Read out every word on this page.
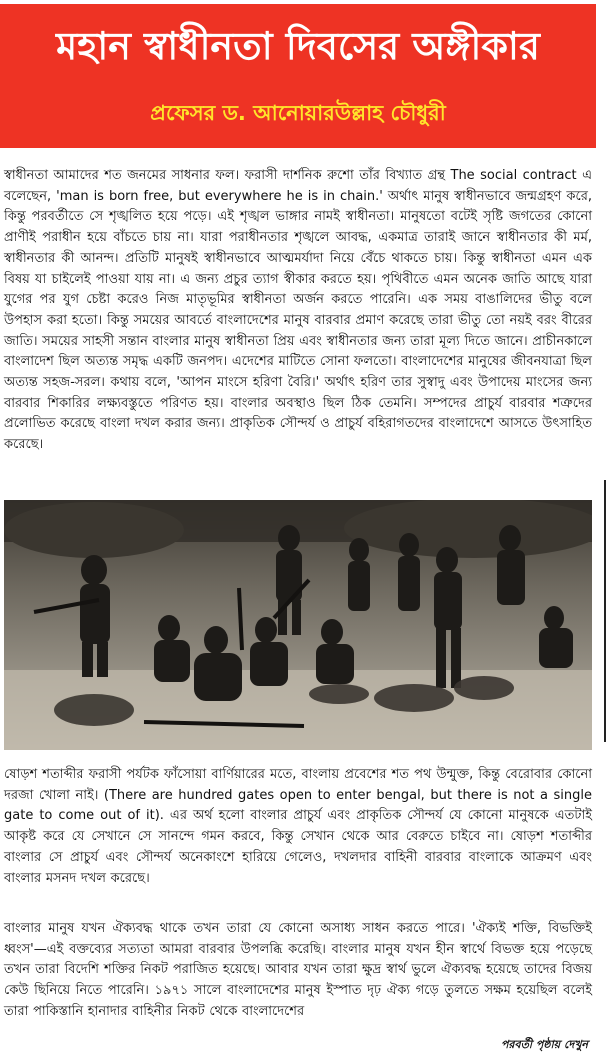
মহান স্বাধীনতা দিবসের অঙ্গীকার
প্রফেসর ড. আনোয়ারউল্লাহ চৌধুরী

স্বাধীনতা আমাদের শত জনমের সাধনার ফল। ফরাসী দার্শনিক রুশো তাঁর বিখ্যাত গ্রন্থ The social contract এ বলেছেন, 'man is born free, but everywhere he is in chain.' অর্থাৎ মানুষ স্বাধীনভাবে জন্মগ্রহণ করে, কিন্তু পরবর্তীতে সে শৃঙ্খলিত হয়ে পড়ে। এই শৃঙ্খল ভাঙ্গার নামই স্বাধীনতা। মানুষতো বটেই সৃষ্টি জগতের কোনো প্রাণীই পরাধীন হয়ে বাঁচতে চায় না। যারা পরাধীনতার শৃঙ্খলে আবদ্ধ, একমাত্র তারাই জানে স্বাধীনতার কী মর্ম, স্বাধীনতার কী আনন্দ। প্রতিটি মানুষই স্বাধীনভাবে আত্মমর্যাদা নিয়ে বেঁচে থাকতে চায়। কিন্তু স্বাধীনতা এমন এক বিষয় যা চাইলেই পাওয়া যায় না। এ জন্য প্রচুর ত্যাগ স্বীকার করতে হয়। পৃথিবীতে এমন অনেক জাতি আছে যারা যুগের পর যুগ চেষ্টা করেও নিজ মাতৃভূমির স্বাধীনতা অর্জন করতে পারেনি। এক সময় বাঙালিদের ভীতু বলে উপহাস করা হতো। কিন্তু সময়ের আবর্তে বাংলাদেশের মানুষ বারবার প্রমাণ করেছে তারা ভীতু তো নয়ই বরং বীরের জাতি। সময়ের সাহসী সন্তান বাংলার মানুষ স্বাধীনতা প্রিয় এবং স্বাধীনতার জন্য তারা মূল্য দিতে জানে। প্রাচীনকালে বাংলাদেশ ছিল অত্যন্ত সমৃদ্ধ একটি জনপদ। এদেশের মাটিতে সোনা ফলতো। বাংলাদেশের মানুষের জীবনযাত্রা ছিল অত্যন্ত সহজ-সরল। কথায় বলে, 'আপন মাংসে হরিণা বৈরি।' অর্থাৎ হরিণ তার সুস্বাদু এবং উপাদেয় মাংসের জন্য বারবার শিকারির লক্ষ্যবস্তুতে পরিণত হয়। বাংলার অবস্থাও ছিল ঠিক তেমনি। সম্পদের প্রাচুর্য বারবার শত্রুদের প্রলোভিত করেছে বাংলা দখল করার জন্য। প্রাকৃতিক সৌন্দর্য ও প্রাচুর্য বহিরাগতদের বাংলাদেশে আসতে উৎসাহিত করেছে।

ষোড়শ শতাব্দীর ফরাসী পর্যটক ফাঁসোয়া বার্ণিয়ারের মতে, বাংলায় প্রবেশের শত পথ উন্মুক্ত, কিন্তু বেরোবার কোনো দরজা খোলা নাই। (There are hundred gates open to enter bengal, but there is not a single gate to come out of it). এর অর্থ হলো বাংলার প্রাচুর্য এবং প্রাকৃতিক সৌন্দর্য যে কোনো মানুষকে এতটাই আকৃষ্ট করে যে সেখানে সে সানন্দে গমন করবে, কিন্তু সেখান থেকে আর বেরুতে চাইবে না। ষোড়শ শতাব্দীর বাংলার সে প্রাচুর্য এবং সৌন্দর্য অনেকাংশে হারিয়ে গেলেও, দখলদার বাহিনী বারবার বাংলাকে আক্রমণ এবং বাংলার মসনদ দখল করেছে।

বাংলার মানুষ যখন ঐক্যবদ্ধ থাকে তখন তারা যে কোনো অসাধ্য সাধন করতে পারে। 'ঐক্যই শক্তি, বিভক্তিই ধ্বংস'—এই বক্তব্যের সত্যতা আমরা বারবার উপলব্ধি করেছি। বাংলার মানুষ যখন হীন স্বার্থে বিভক্ত হয়ে পড়েছে তখন তারা বিদেশি শক্তির নিকট পরাজিত হয়েছে। আবার যখন তারা ক্ষুদ্র স্বার্থ ভুলে ঐক্যবদ্ধ হয়েছে তাদের বিজয় কেউ ছিনিয়ে নিতে পারেনি। ১৯৭১ সালে বাংলাদেশের মানুষ ইস্পাত দৃঢ় ঐক্য গড়ে তুলতে সক্ষম হয়েছিল বলেই তারা পাকিস্তানি হানাদার বাহিনীর নিকট থেকে বাংলাদেশের

পরবর্তী পৃষ্ঠায় দেখুন
